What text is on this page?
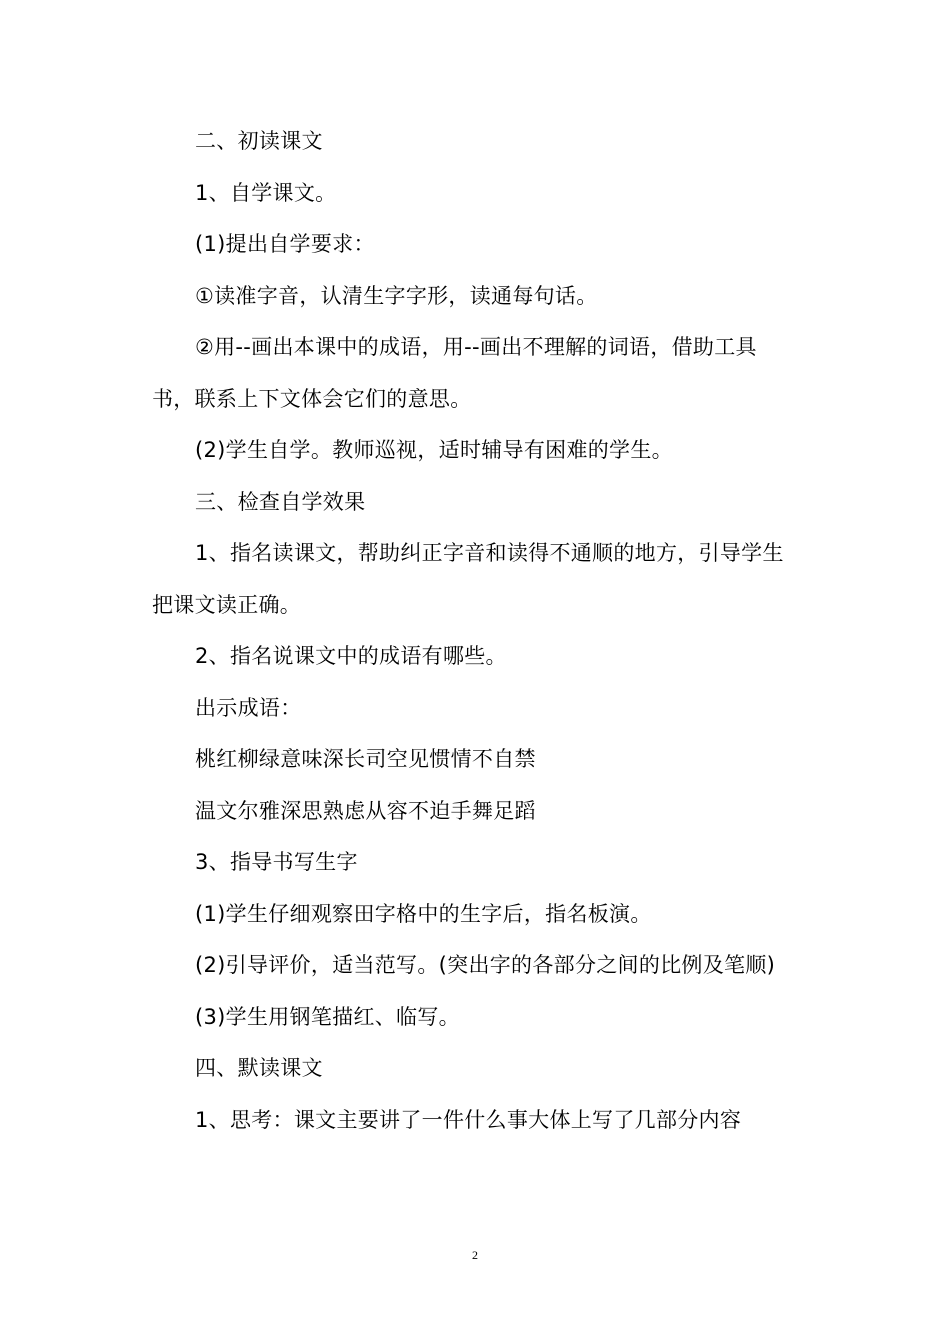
二、初读课文

1、自学课文。

(1)提出自学要求：

①读准字音，认清生字字形，读通每句话。

②用--画出本课中的成语，用--画出不理解的词语，借助工具书，联系上下文体会它们的意思。

(2)学生自学。教师巡视，适时辅导有困难的学生。

三、检查自学效果

1、指名读课文，帮助纠正字音和读得不通顺的地方，引导学生把课文读正确。

2、指名说课文中的成语有哪些。

出示成语：

桃红柳绿意味深长司空见惯情不自禁

温文尔雅深思熟虑从容不迫手舞足蹈

3、指导书写生字

(1)学生仔细观察田字格中的生字后，指名板演。

(2)引导评价，适当范写。(突出字的各部分之间的比例及笔顺)

(3)学生用钢笔描红、临写。

四、默读课文

1、思考：课文主要讲了一件什么事大体上写了几部分内容

2
